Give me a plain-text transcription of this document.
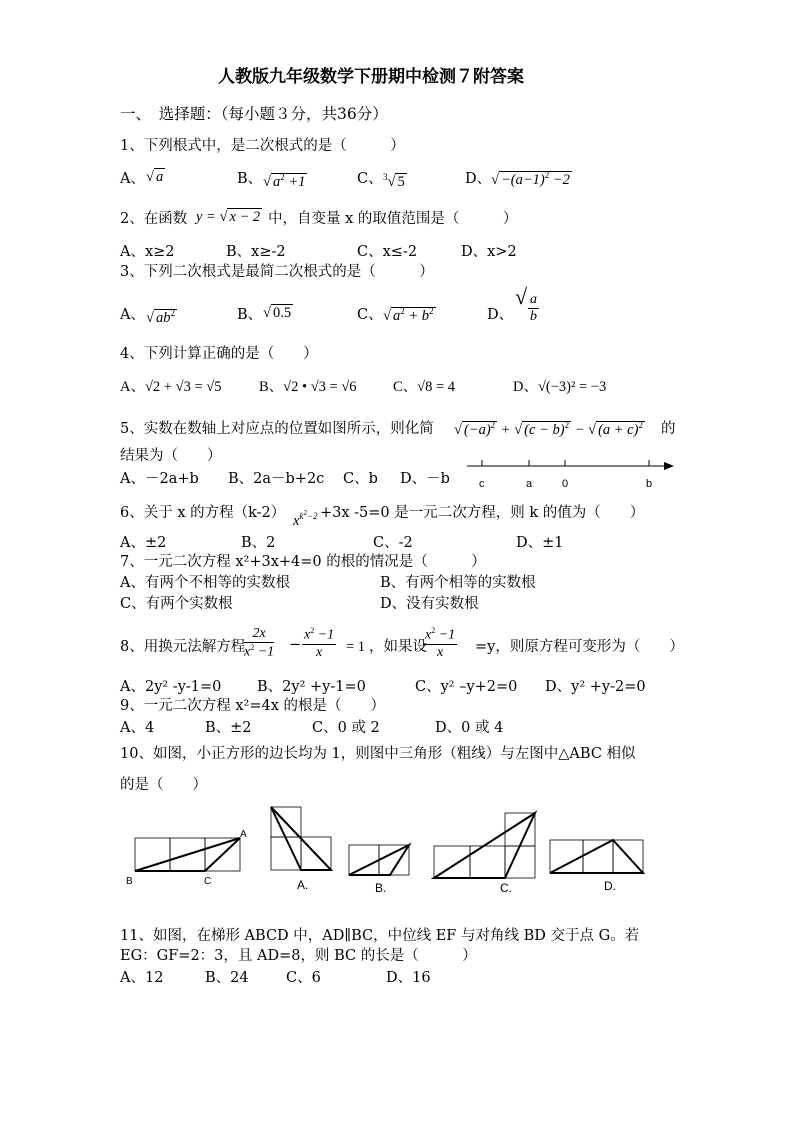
人教版九年级数学下册期中检测７附答案
一、　选择题：（每小题３分，共36分）
1、下列根式中，是二次根式的是（　　　）
A、 √ a	B、 √ $a^2 +1$	C、 $^3$√ 5	D、 √ $-(a-1)^2 -2$
2、在函数 y = √ x − 2 中，自变量 x 的取值范围是（　　　）
A、x≥2	B、x≥-2	C、x≤-2	D、x>2
3、下列二次根式是最简二次根式的是（　　　）
A、 √ $ab^2$	B、 √ 0.5	C、 √ $a^2 + b^2$	D、
√ $\frac{a}{b}$
4、下列计算正确的是（　　）
A、√2 + √3 = √5	B、√2 • √3 = √6	C、√8 = 4	D、√(−3)² = −3
5、实数在数轴上对应点的位置如图所示，则化简 √ $(-a)^2$ + √ $(c - b)^2$ − √ $(a + c)^2$ 的
结果为（　　）
A、－2a+b B、2a－b+2c C、b D、－b	c	a	0	b
6、关于 x 的方程（k-2） $x^{k^2-2} +3x$ -5=0 是一元二次方程，则 k 的值为（　　）
A、±2	B、2	C、-2	D、±1
7、一元二次方程 x²+3x+4=0 的根的情况是（　　　）
A、有两个不相等的实数根	B、有两个相等的实数根
C、有两个实数根	D、没有实数根
8、用换元法解方程
$\frac{2x}{x^2 -1} - \frac{x^2 -1}{x} = 1$ ，如果设
$\frac{x^2 -1}{x} =y$，则原方程可变形为（　　）
A、2y² -y-1=0 B、2y² +y-1=0	C、y² –y+2=0 D、y² +y-2=0
9、一元二次方程 x²=4x 的根是（　　）
A、4	B、±2	C、0 或 2	D、0 或 4
10、如图，小正方形的边长均为 1，则图中三角形（粗线）与左图中△ABC 相似
的是（　　）
A
B	C	A.	B.	C.	D.
11、如图，在梯形 ABCD 中，AD∥BC，中位线 EF 与对角线 BD 交于点 G。若
EG：GF=2：3，且 AD=8，则 BC 的长是（　　　）
A、12	B、24	C、6	D、16
